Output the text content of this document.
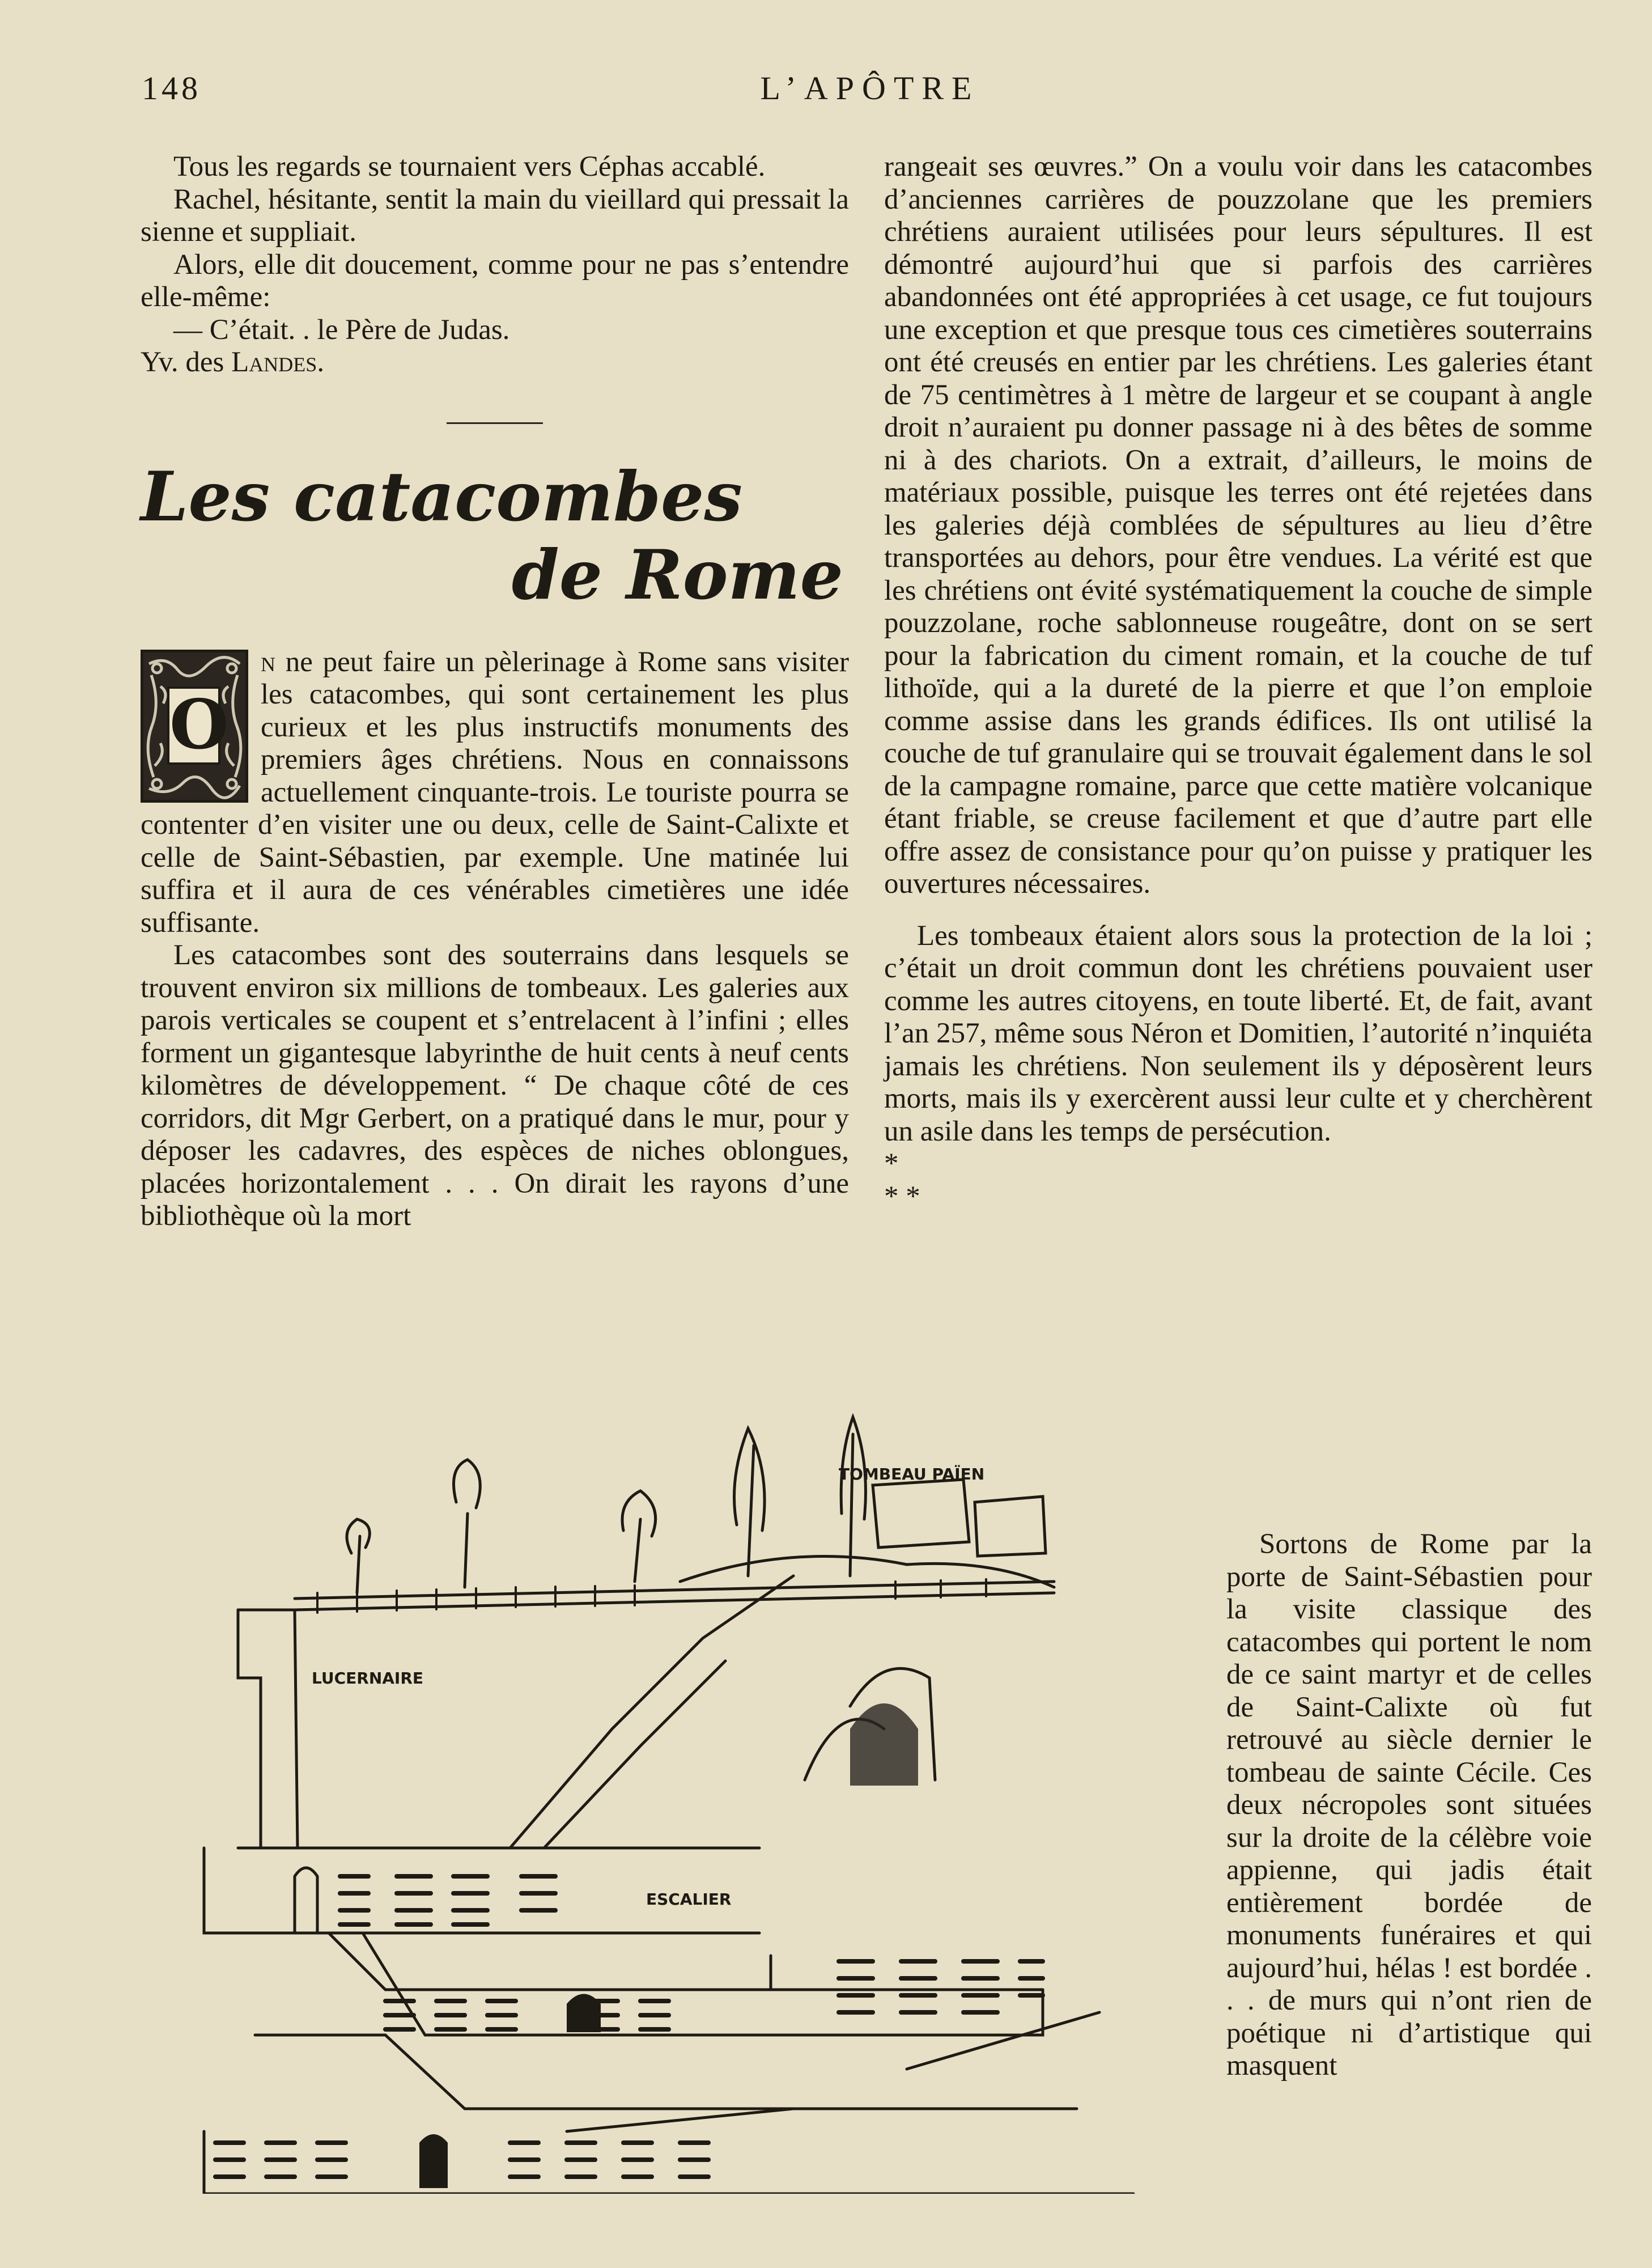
148	L’APÔTRE

Tous les regards se tournaient vers Céphas accablé.

Rachel, hésitante, sentit la main du vieillard qui pressait la sienne et suppliait.

Alors, elle dit doucement, comme pour ne pas s’entendre elle-même:

— C’était. . le Père de Judas.

Yv. des Landes.

Les catacombes
de Rome
O

n ne peut faire un pèlerinage à Rome sans visiter les catacombes, qui sont certainement les plus curieux et les plus instructifs monuments des premiers âges chrétiens. Nous en connaissons actuellement cinquante-trois. Le touriste pourra se contenter d’en visiter une ou deux, celle de Saint-Calixte et celle de Saint-Sébastien, par exemple. Une matinée lui suffira et il aura de ces vénérables cimetières une idée suffisante.

Les catacombes sont des souterrains dans lesquels se trouvent environ six millions de tombeaux. Les galeries aux parois verticales se coupent et s’entrelacent à l’infini ; elles forment un gigantesque labyrinthe de huit cents à neuf cents kilomètres de développement. “ De chaque côté de ces corridors, dit Mgr Gerbert, on a pratiqué dans le mur, pour y déposer les cadavres, des espèces de niches oblongues, placées horizontalement . . . On dirait les rayons d’une bibliothèque où la mort

rangeait ses œuvres.” On a voulu voir dans les catacombes d’anciennes carrières de pouzzolane que les premiers chrétiens auraient utilisées pour leurs sépultures. Il est démontré aujourd’hui que si parfois des carrières abandonnées ont été appropriées à cet usage, ce fut toujours une exception et que presque tous ces cimetières souterrains ont été creusés en entier par les chrétiens. Les galeries étant de 75 centimètres à 1 mètre de largeur et se coupant à angle droit n’auraient pu donner passage ni à des bêtes de somme ni à des chariots. On a extrait, d’ailleurs, le moins de matériaux possible, puisque les terres ont été rejetées dans les galeries déjà comblées de sépultures au lieu d’être transportées au dehors, pour être vendues. La vérité est que les chrétiens ont évité systématiquement la couche de simple pouzzolane, roche sablonneuse rougeâtre, dont on se sert pour la fabrication du ciment romain, et la couche de tuf lithoïde, qui a la dureté de la pierre et que l’on emploie comme assise dans les grands édifices. Ils ont utilisé la couche de tuf granulaire qui se trouvait également dans le sol de la campagne romaine, parce que cette matière volcanique étant friable, se creuse facilement et que d’autre part elle offre assez de consistance pour qu’on puisse y pratiquer les ouvertures nécessaires.

Les tombeaux étaient alors sous la protection de la loi ; c’était un droit commun dont les chrétiens pouvaient user comme les autres citoyens, en toute liberté. Et, de fait, avant l’an 257, même sous Néron et Domitien, l’autorité n’inquiéta jamais les chrétiens. Non seulement ils y déposèrent leurs morts, mais ils y exercèrent aussi leur culte et y cherchèrent un asile dans les temps de persécution.

*

* *

Sortons de Rome par la porte de Saint-Sébastien pour la visite classique des catacombes qui portent le nom de ce saint martyr et de celles de Saint-Calixte où fut retrouvé au siècle dernier le tombeau de sainte Cécile. Ces deux nécropoles sont situées sur la droite de la célèbre voie appienne, qui jadis était entièrement bordée de monuments funéraires et qui aujourd’hui, hélas ! est bordée . . . de murs qui n’ont rien de poétique ni d’artistique qui masquent

TOMBEAU PAÏEN
LUCERNAIRE
ESCALIER
